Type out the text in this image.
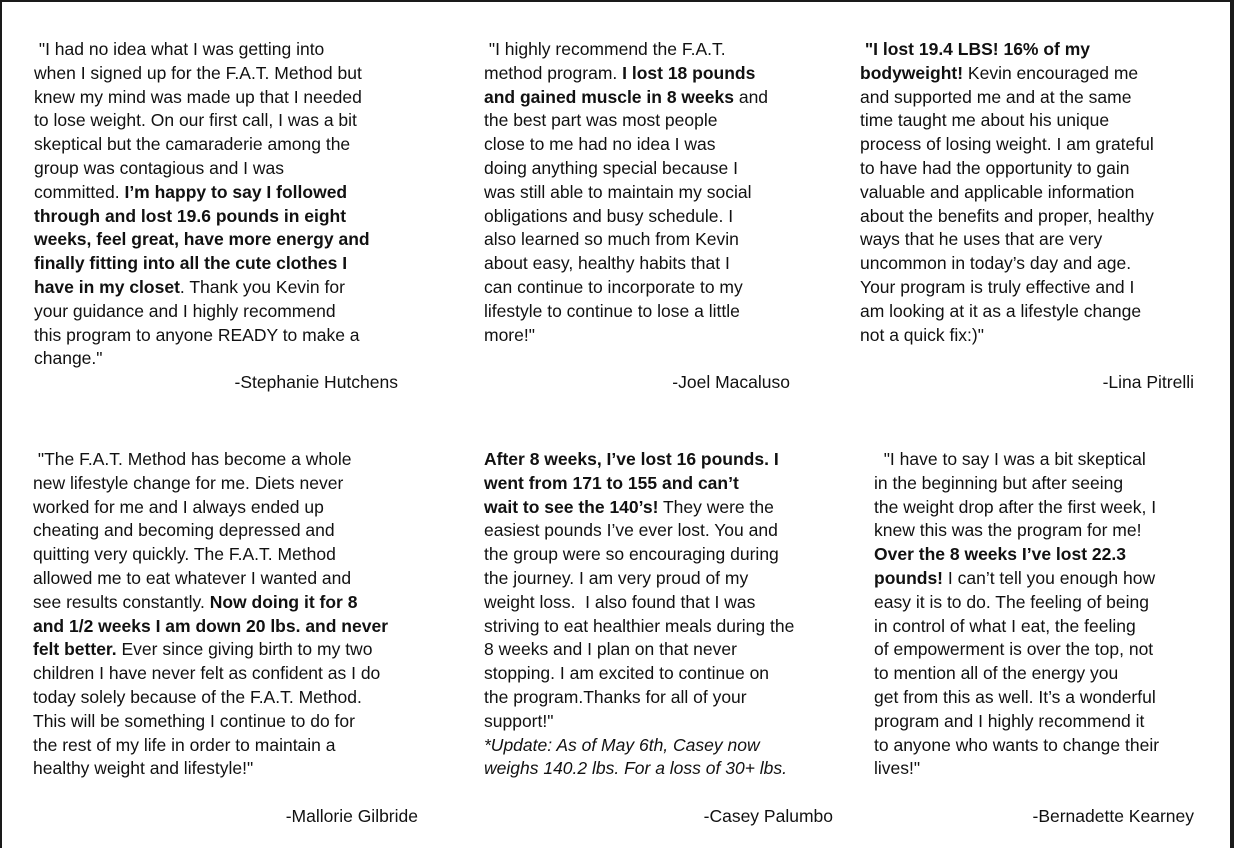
"I had no idea what I was getting into

when I signed up for the F.A.T. Method but

knew my mind was made up that I needed

to lose weight. On our first call, I was a bit

skeptical but the camaraderie among the

group was contagious and I was

committed. I’m happy to say I followed

through and lost 19.6 pounds in eight

weeks, feel great, have more energy and

finally fitting into all the cute clothes I

have in my closet. Thank you Kevin for

your guidance and I highly recommend

this program to anyone READY to make a

change."

-Stephanie Hutchens

"I highly recommend the F.A.T.

method program. I lost 18 pounds

and gained muscle in 8 weeks and

the best part was most people

close to me had no idea I was

doing anything special because I

was still able to maintain my social

obligations and busy schedule. I

also learned so much from Kevin

about easy, healthy habits that I

can continue to incorporate to my

lifestyle to continue to lose a little

more!"

-Joel Macaluso

"I lost 19.4 LBS! 16% of my

bodyweight! Kevin encouraged me

and supported me and at the same

time taught me about his unique

process of losing weight. I am grateful

to have had the opportunity to gain

valuable and applicable information

about the benefits and proper, healthy

ways that he uses that are very

uncommon in today’s day and age.

Your program is truly effective and I

am looking at it as a lifestyle change

not a quick fix:)"

-Lina Pitrelli

"The F.A.T. Method has become a whole

new lifestyle change for me. Diets never

worked for me and I always ended up

cheating and becoming depressed and

quitting very quickly. The F.A.T. Method

allowed me to eat whatever I wanted and

see results constantly. Now doing it for 8

and 1/2 weeks I am down 20 lbs. and never

felt better. Ever since giving birth to my two

children I have never felt as confident as I do

today solely because of the F.A.T. Method.

This will be something I continue to do for

the rest of my life in order to maintain a

healthy weight and lifestyle!"

-Mallorie Gilbride

After 8 weeks, I’ve lost 16 pounds. I

went from 171 to 155 and can’t

wait to see the 140’s! They were the

easiest pounds I’ve ever lost. You and

the group were so encouraging during

the journey. I am very proud of my

weight loss.  I also found that I was

striving to eat healthier meals during the

8 weeks and I plan on that never

stopping. I am excited to continue on

the program.Thanks for all of your

support!"

*Update: As of May 6th, Casey now

weighs 140.2 lbs. For a loss of 30+ lbs.

-Casey Palumbo

"I have to say I was a bit skeptical

in the beginning but after seeing

the weight drop after the first week, I

knew this was the program for me!

Over the 8 weeks I’ve lost 22.3

pounds! I can’t tell you enough how

easy it is to do. The feeling of being

in control of what I eat, the feeling

of empowerment is over the top, not

to mention all of the energy you

get from this as well. It’s a wonderful

program and I highly recommend it

to anyone who wants to change their

lives!"

-Bernadette Kearney
